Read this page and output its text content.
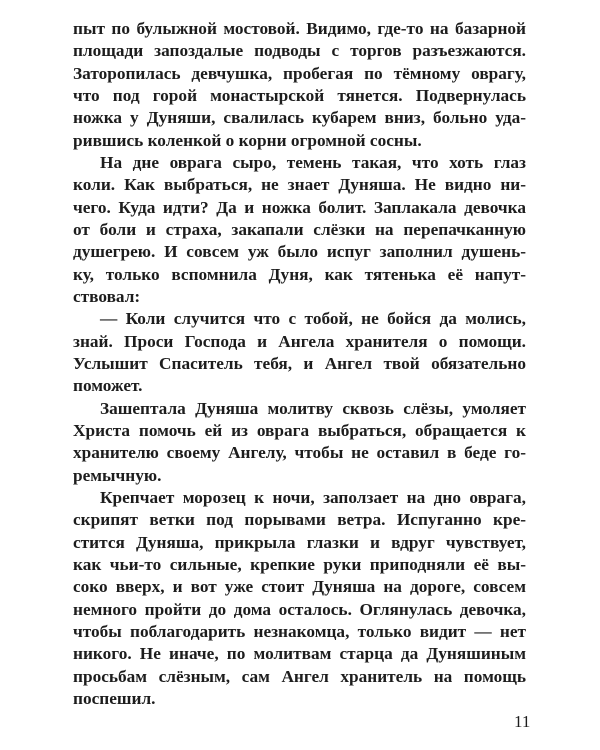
пыт по булыжной мостовой. Видимо, где-то на базарной
площади запоздалые подводы с торгов разъезжаются.
Заторопилась девчушка, пробегая по тёмному оврагу,
что под горой монастырской тянется. Подвернулась
ножка у Дуняши, свалилась кубарем вниз, больно уда-
рившись коленкой о корни огромной сосны.
На дне оврага сыро, темень такая, что хоть глаз
коли. Как выбраться, не знает Дуняша. Не видно ни-
чего. Куда идти? Да и ножка болит. Заплакала девочка
от боли и страха, закапали слёзки на перепачканную
душегрею. И совсем уж было испуг заполнил душень-
ку, только вспомнила Дуня, как тятенька её напут-
ствовал:
— Коли случится что с тобой, не бойся да молись,
знай. Проси Господа и Ангела хранителя о помощи.
Услышит Спаситель тебя, и Ангел твой обязательно
поможет.
Зашептала Дуняша молитву сквозь слёзы, умоляет
Христа помочь ей из оврага выбраться, обращается к
хранителю своему Ангелу, чтобы не оставил в беде го-
ремычную.
Крепчает морозец к ночи, заползает на дно оврага,
скрипят ветки под порывами ветра. Испуганно кре-
стится Дуняша, прикрыла глазки и вдруг чувствует,
как чьи-то сильные, крепкие руки приподняли её вы-
соко вверх, и вот уже стоит Дуняша на дороге, совсем
немного пройти до дома осталось. Оглянулась девочка,
чтобы поблагодарить незнакомца, только видит — нет
никого. Не иначе, по молитвам старца да Дуняшиным
просьбам слёзным, сам Ангел хранитель на помощь
поспешил.
11
